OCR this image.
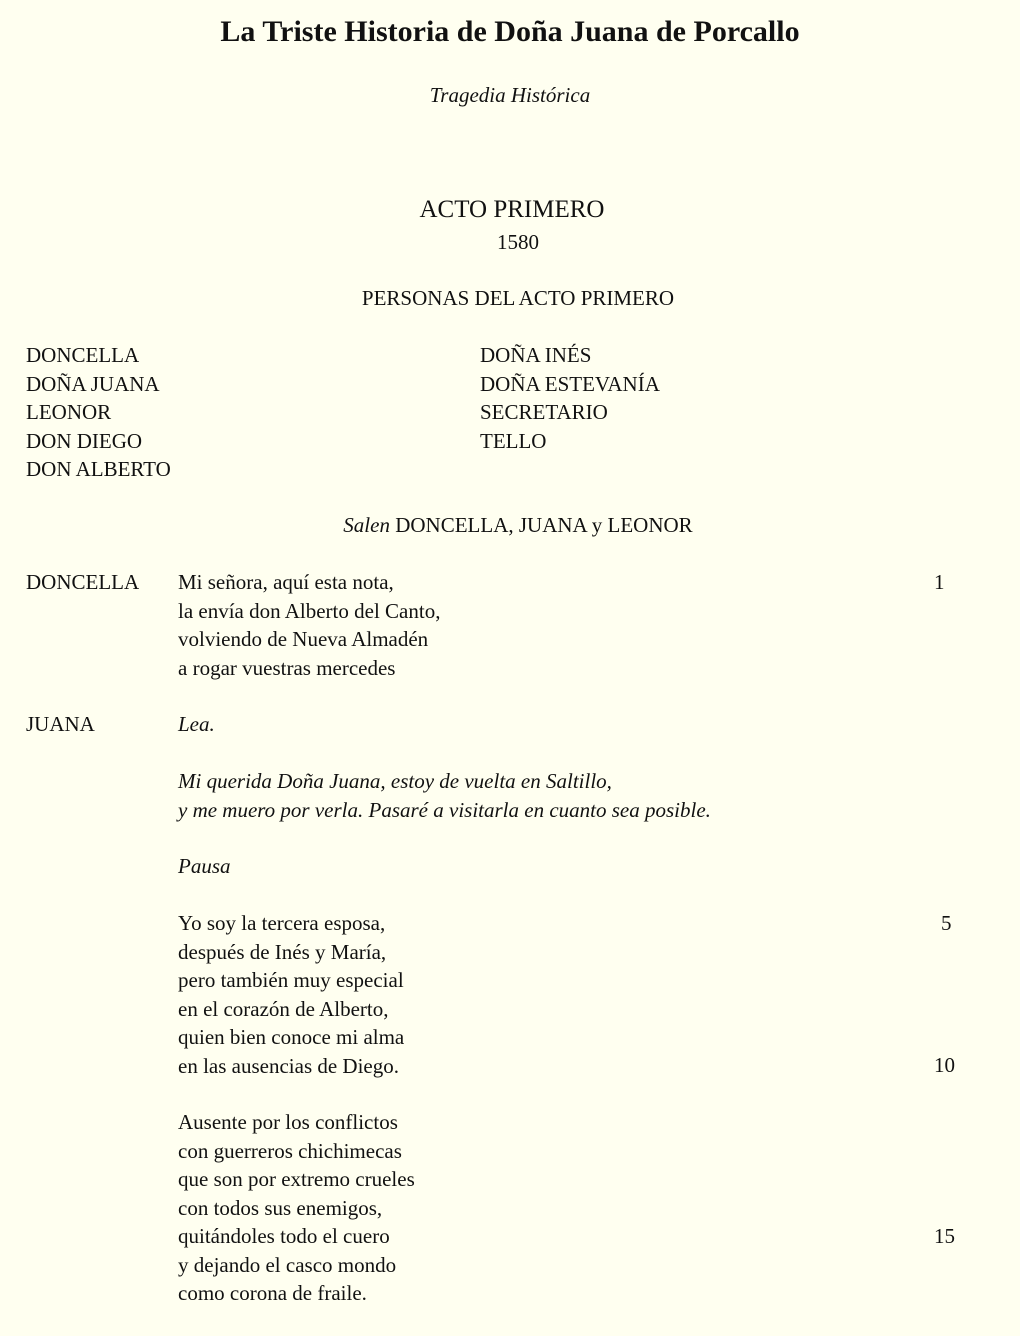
La Triste Historia de Doña Juana de Porcallo
Tragedia Histórica
ACTO PRIMERO
1580
PERSONAS DEL ACTO PRIMERO
DONCELLA
DOÑA JUANA
LEONOR
DON DIEGO
DON ALBERTO
DOÑA INÉS
DOÑA ESTEVANÍA
SECRETARIO
TELLO
Salen DONCELLA, JUANA y LEONOR
DONCELLA Mi señora, aquí esta nota,
la envía don Alberto del Canto,
volviendo de Nueva Almadén
a rogar vuestras mercedes
1
JUANA	Lea.
Mi querida Doña Juana, estoy de vuelta en Saltillo,
y me muero por verla. Pasaré a visitarla en cuanto sea posible.
Pausa
Yo soy la tercera esposa,
después de Inés y María,
pero también muy especial
en el corazón de Alberto,
quien bien conoce mi alma
en las ausencias de Diego.
5
10
Ausente por los conflictos
con guerreros chichimecas
que son por extremo crueles
con todos sus enemigos,
quitándoles todo el cuero
y dejando el casco mondo
como corona de fraile.
15
